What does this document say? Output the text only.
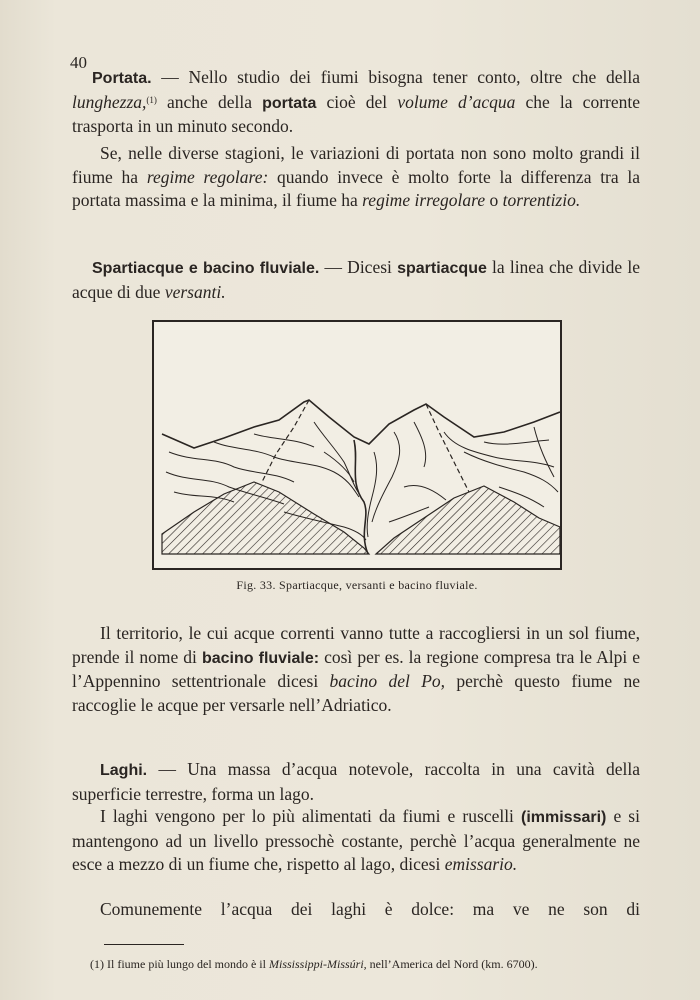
40

Portata. — Nello studio dei fiumi bisogna tener conto, oltre che della lunghezza,$^{(1)}$ anche della portata cioè del volume d’acqua che la corrente trasporta in un minuto secondo.

Se, nelle diverse stagioni, le variazioni di portata non sono molto grandi il fiume ha regime regolare: quando invece è molto forte la differenza tra la portata massima e la minima, il fiume ha regime irregolare o torrentizio.

Spartiacque e bacino fluviale. — Dicesi spartiacque la linea che divide le acque di due versanti.

Fig. 33. Spartiacque, versanti e bacino fluviale.

Il territorio, le cui acque correnti vanno tutte a raccogliersi in un sol fiume, prende il nome di bacino fluviale: così per es. la regione compresa tra le Alpi e l’Appennino settentrionale dicesi bacino del Po, perchè questo fiume ne raccoglie le acque per versarle nell’Adriatico.

Laghi. — Una massa d’acqua notevole, raccolta in una cavità della superficie terrestre, forma un lago.

I laghi vengono per lo più alimentati da fiumi e ruscelli (immissari) e si mantengono ad un livello pressochè costante, perchè l’acqua generalmente ne esce a mezzo di un fiume che, rispetto al lago, dicesi emissario.

Comunemente l’acqua dei laghi è dolce: ma ve ne son di

(1) Il fiume più lungo del mondo è il Mississippi-Missúri, nell’America del Nord (km. 6700).
